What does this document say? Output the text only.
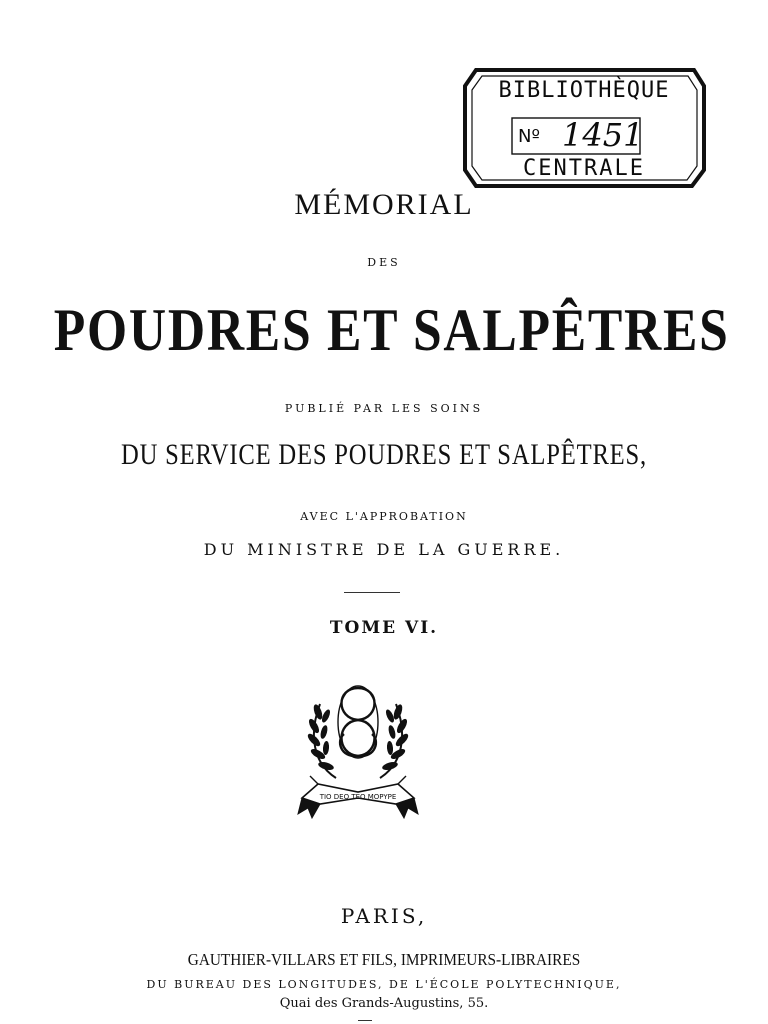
BIBLIOTHÈQUE
Nº 1451
CENTRALE
MÉMORIAL
DES
POUDRES ET SALPÊTRES
PUBLIÉ PAR LES SOINS
DU SERVICE DES POUDRES ET SALPÊTRES,
AVEC L'APPROBATION
DU MINISTRE DE LA GUERRE.
TOME VI.
TIO DEO TEO MOPYPE
PARIS,
GAUTHIER-VILLARS ET FILS, IMPRIMEURS-LIBRAIRES
DU BUREAU DES LONGITUDES, DE L'ÉCOLE POLYTECHNIQUE,
Quai des Grands-Augustins, 55.
